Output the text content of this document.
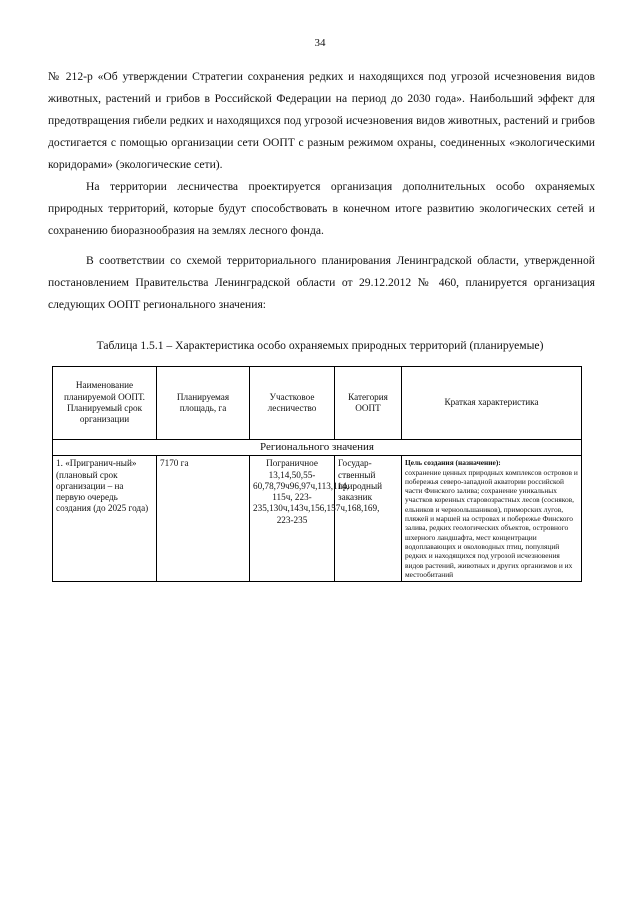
34

№ 212-р «Об утверждении Стратегии сохранения редких и находящихся под угрозой исчезновения видов животных, растений и грибов в Российской Федерации на период до 2030 года». Наибольший эффект для предотвращения гибели редких и находящихся под угрозой исчезновения видов животных, растений и грибов достигается с помощью организации сети ООПТ с разным режимом охраны, соединенных «экологическими коридорами» (экологические сети).

На территории лесничества проектируется организация дополнительных особо охраняемых природных территорий, которые будут способствовать в конечном итоге развитию экологических сетей и сохранению биоразнообразия на землях лесного фонда.

В соответствии со схемой территориального планирования Ленинградской области, утвержденной постановлением Правительства Ленинградской области от 29.12.2012 № 460, планируется организация следующих ООПТ регионального значения:

Таблица 1.5.1 – Характеристика особо охраняемых природных территорий (планируемые)
Наименование планируемой ООПТ. Планируемый срок организации	Планируемая площадь, га	Участковое лесничество	Категория ООПТ	Краткая характеристика
Регионального значения				
1. «Пригранич-ный» (плановый срок организации – на первую очередь создания (до 2025 года)	7170 га	Пограничное 13,14,50,55-60,78,79ч96,97ч,113,114, 115ч, 223-235,130ч,143ч,156,157ч,168,169, 223-235	Государ-ственный природный заказник	Цель создания (назначение):
сохранение ценных природных комплексов островов и побережья северо-западной акватории российской части Финского залива; сохранение уникальных участков коренных старовозрастных лесов (сосняков, ельников и черноольшаников), приморских лугов, пляжей и маршей на островах и побережье Финского залива, редких геологических объектов, островного шхерного ландшафта, мест концентрации водоплавающих и околоводных птиц, популяций редких и находящихся под угрозой исчезновения видов растений, животных и других организмов и их местообитаний
